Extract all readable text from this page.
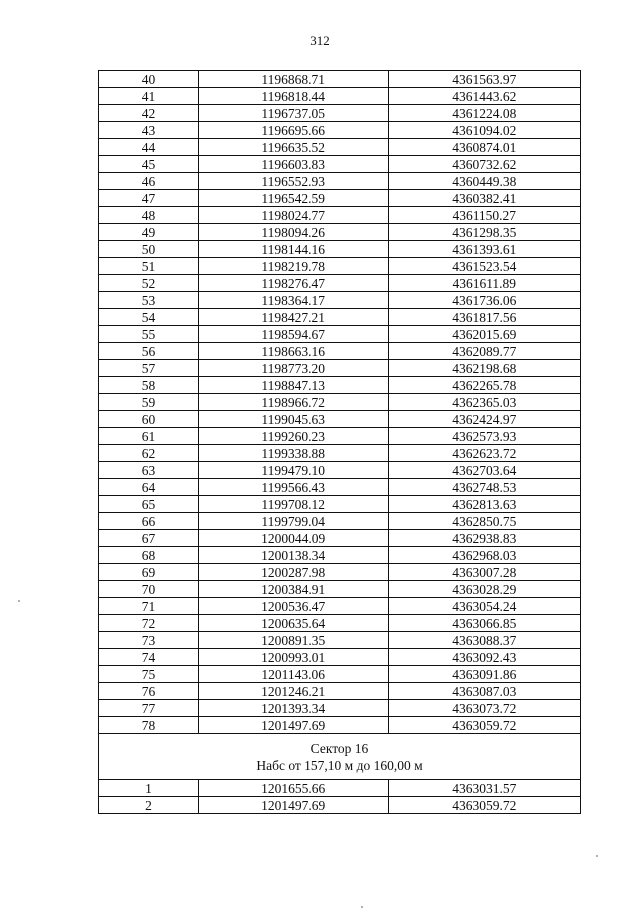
312
40	1196868.71	4361563.97
41	1196818.44	4361443.62
42	1196737.05	4361224.08
43	1196695.66	4361094.02
44	1196635.52	4360874.01
45	1196603.83	4360732.62
46	1196552.93	4360449.38
47	1196542.59	4360382.41
48	1198024.77	4361150.27
49	1198094.26	4361298.35
50	1198144.16	4361393.61
51	1198219.78	4361523.54
52	1198276.47	4361611.89
53	1198364.17	4361736.06
54	1198427.21	4361817.56
55	1198594.67	4362015.69
56	1198663.16	4362089.77
57	1198773.20	4362198.68
58	1198847.13	4362265.78
59	1198966.72	4362365.03
60	1199045.63	4362424.97
61	1199260.23	4362573.93
62	1199338.88	4362623.72
63	1199479.10	4362703.64
64	1199566.43	4362748.53
65	1199708.12	4362813.63
66	1199799.04	4362850.75
67	1200044.09	4362938.83
68	1200138.34	4362968.03
69	1200287.98	4363007.28
70	1200384.91	4363028.29
71	1200536.47	4363054.24
72	1200635.64	4363066.85
73	1200891.35	4363088.37
74	1200993.01	4363092.43
75	1201143.06	4363091.86
76	1201246.21	4363087.03
77	1201393.34	4363073.72
78	1201497.69	4363059.72

Сектор 16
Набс от 157,10 м до 160,00 м		

1	1201655.66	4363031.57
2	1201497.69	4363059.72
